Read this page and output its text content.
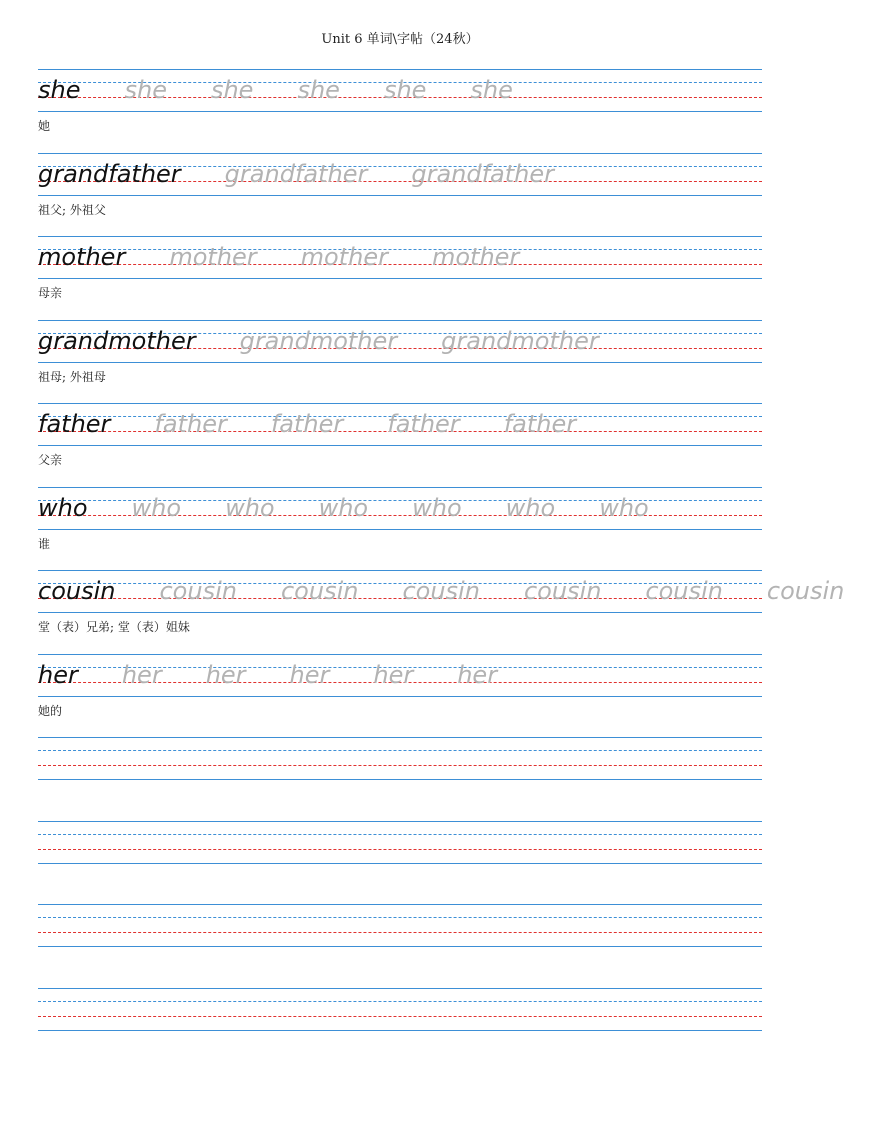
Unit 6 单词\字帖（24秋）
she she she she she she
她
grandfather grandfather grandfather
祖父; 外祖父
mother mother mother mother
母亲
grandmother grandmother grandmother
祖母; 外祖母
father father father father father
父亲
who who who who who who who
谁
cousin cousin cousin cousin cousin cousin cousin
堂（表）兄弟; 堂（表）姐妹
her her her her her her
她的
